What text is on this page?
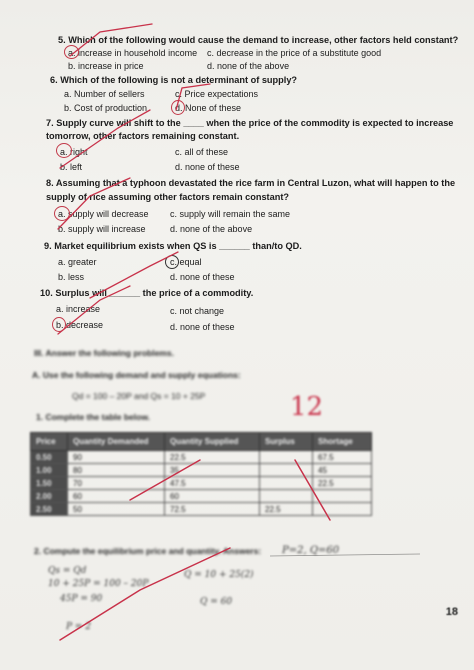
5. Which of the following would cause the demand to increase, other factors held constant?
a. increase in household income c. decrease in the price of a substitute good
b. increase in price	d. none of the above
6. Which of the following is not a determinant of supply?
a. Number of sellers	c. Price expectations
b. Cost of production	d. None of these
7. Supply curve will shift to the ____ when the price of the commodity is expected to increase
tomorrow, other factors remaining constant.
a. right	c. all of these
b. left	d. none of these
8. Assuming that a typhoon devastated the rice farm in Central Luzon, what will happen to the
supply of rice assuming other factors remain constant?
a. supply will decrease c. supply will remain the same
b. supply will increase	d. none of the above
9. Market equilibrium exists when QS is ______ than/to QD.
a. greater	c. equal
b. less	d. none of these
10. Surplus will ______ the price of a commodity.
a. increase	c. not change
b. decrease	d. none of these
III. Answer the following problems.
A. Use the following demand and supply equations:
Qd = 100 – 20P and Qs = 10 + 25P
1. Complete the table below.
Price	Quantity Demanded	Quantity Supplied	Surplus	Shortage
0.50	90	22.5		67.5
1.00	80	35		45
1.50	70	47.5		22.5
2.00	60	60		
2.50	50	72.5	22.5	
2. Compute the equilibrium price and quantity. Answers: P=2, Q=60
Qs = Qd
10 + 25P = 100 – 20P
45P = 90
P = 2
Q = 10 + 25(2)
Q = 60
12
18
